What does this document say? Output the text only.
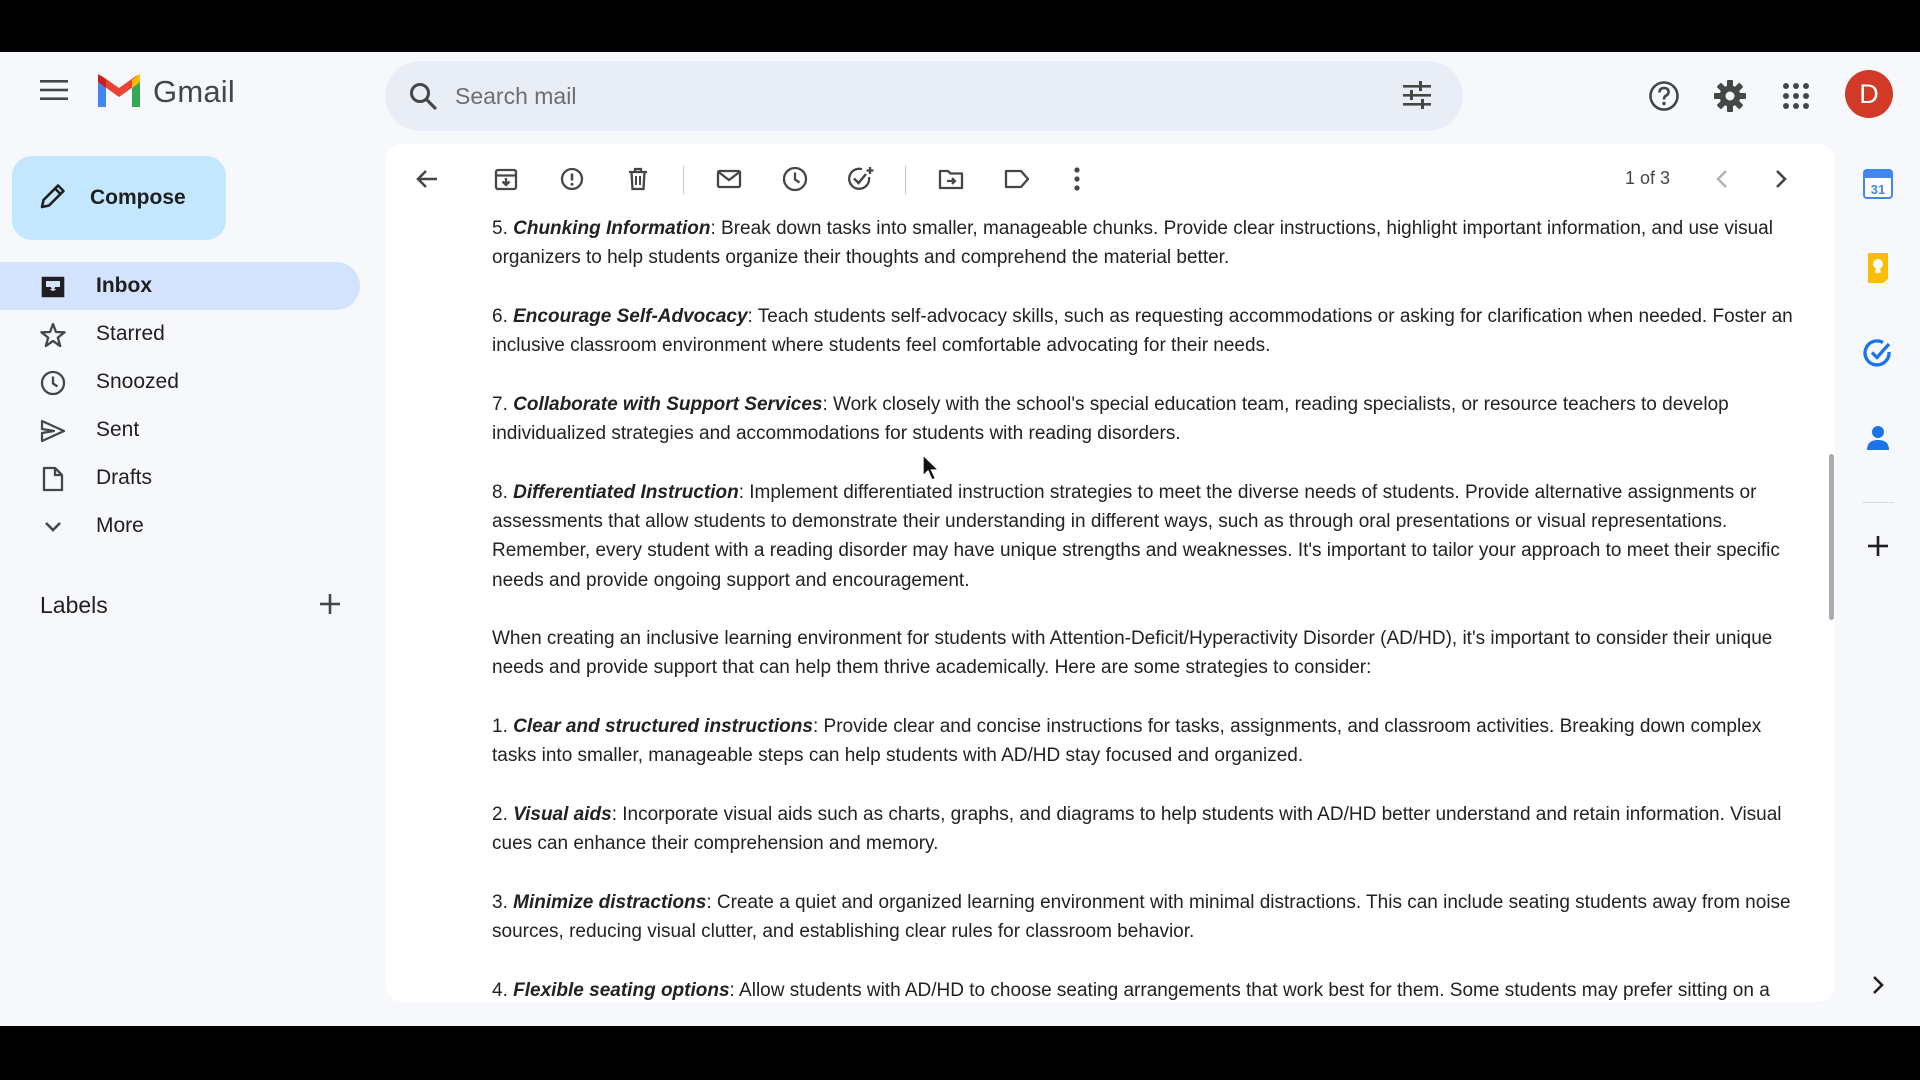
Gmail
Search mail	D
Compose
Inbox
Starred
Snoozed
Sent
Drafts
More
Labels
1 of 3

5. Chunking Information: Break down tasks into smaller, manageable chunks. Provide clear instructions, highlight important information, and use visual organizers to help students organize their thoughts and comprehend the material better.

6. Encourage Self-Advocacy: Teach students self-advocacy skills, such as requesting accommodations or asking for clarification when needed. Foster an inclusive classroom environment where students feel comfortable advocating for their needs.

7. Collaborate with Support Services: Work closely with the school's special education team, reading specialists, or resource teachers to develop individualized strategies and accommodations for students with reading disorders.

8. Differentiated Instruction: Implement differentiated instruction strategies to meet the diverse needs of students. Provide alternative assignments or assessments that allow students to demonstrate their understanding in different ways, such as through oral presentations or visual representations. Remember, every student with a reading disorder may have unique strengths and weaknesses. It's important to tailor your approach to meet their specific needs and provide ongoing support and encouragement.

When creating an inclusive learning environment for students with Attention-Deficit/Hyperactivity Disorder (AD/HD), it's important to consider their unique needs and provide support that can help them thrive academically. Here are some strategies to consider:

1. Clear and structured instructions: Provide clear and concise instructions for tasks, assignments, and classroom activities. Breaking down complex tasks into smaller, manageable steps can help students with AD/HD stay focused and organized.

2. Visual aids: Incorporate visual aids such as charts, graphs, and diagrams to help students with AD/HD better understand and retain information. Visual cues can enhance their comprehension and memory.

3. Minimize distractions: Create a quiet and organized learning environment with minimal distractions. This can include seating students away from noise sources, reducing visual clutter, and establishing clear rules for classroom behavior.

4. Flexible seating options: Allow students with AD/HD to choose seating arrangements that work best for them. Some students may prefer sitting on a

31
